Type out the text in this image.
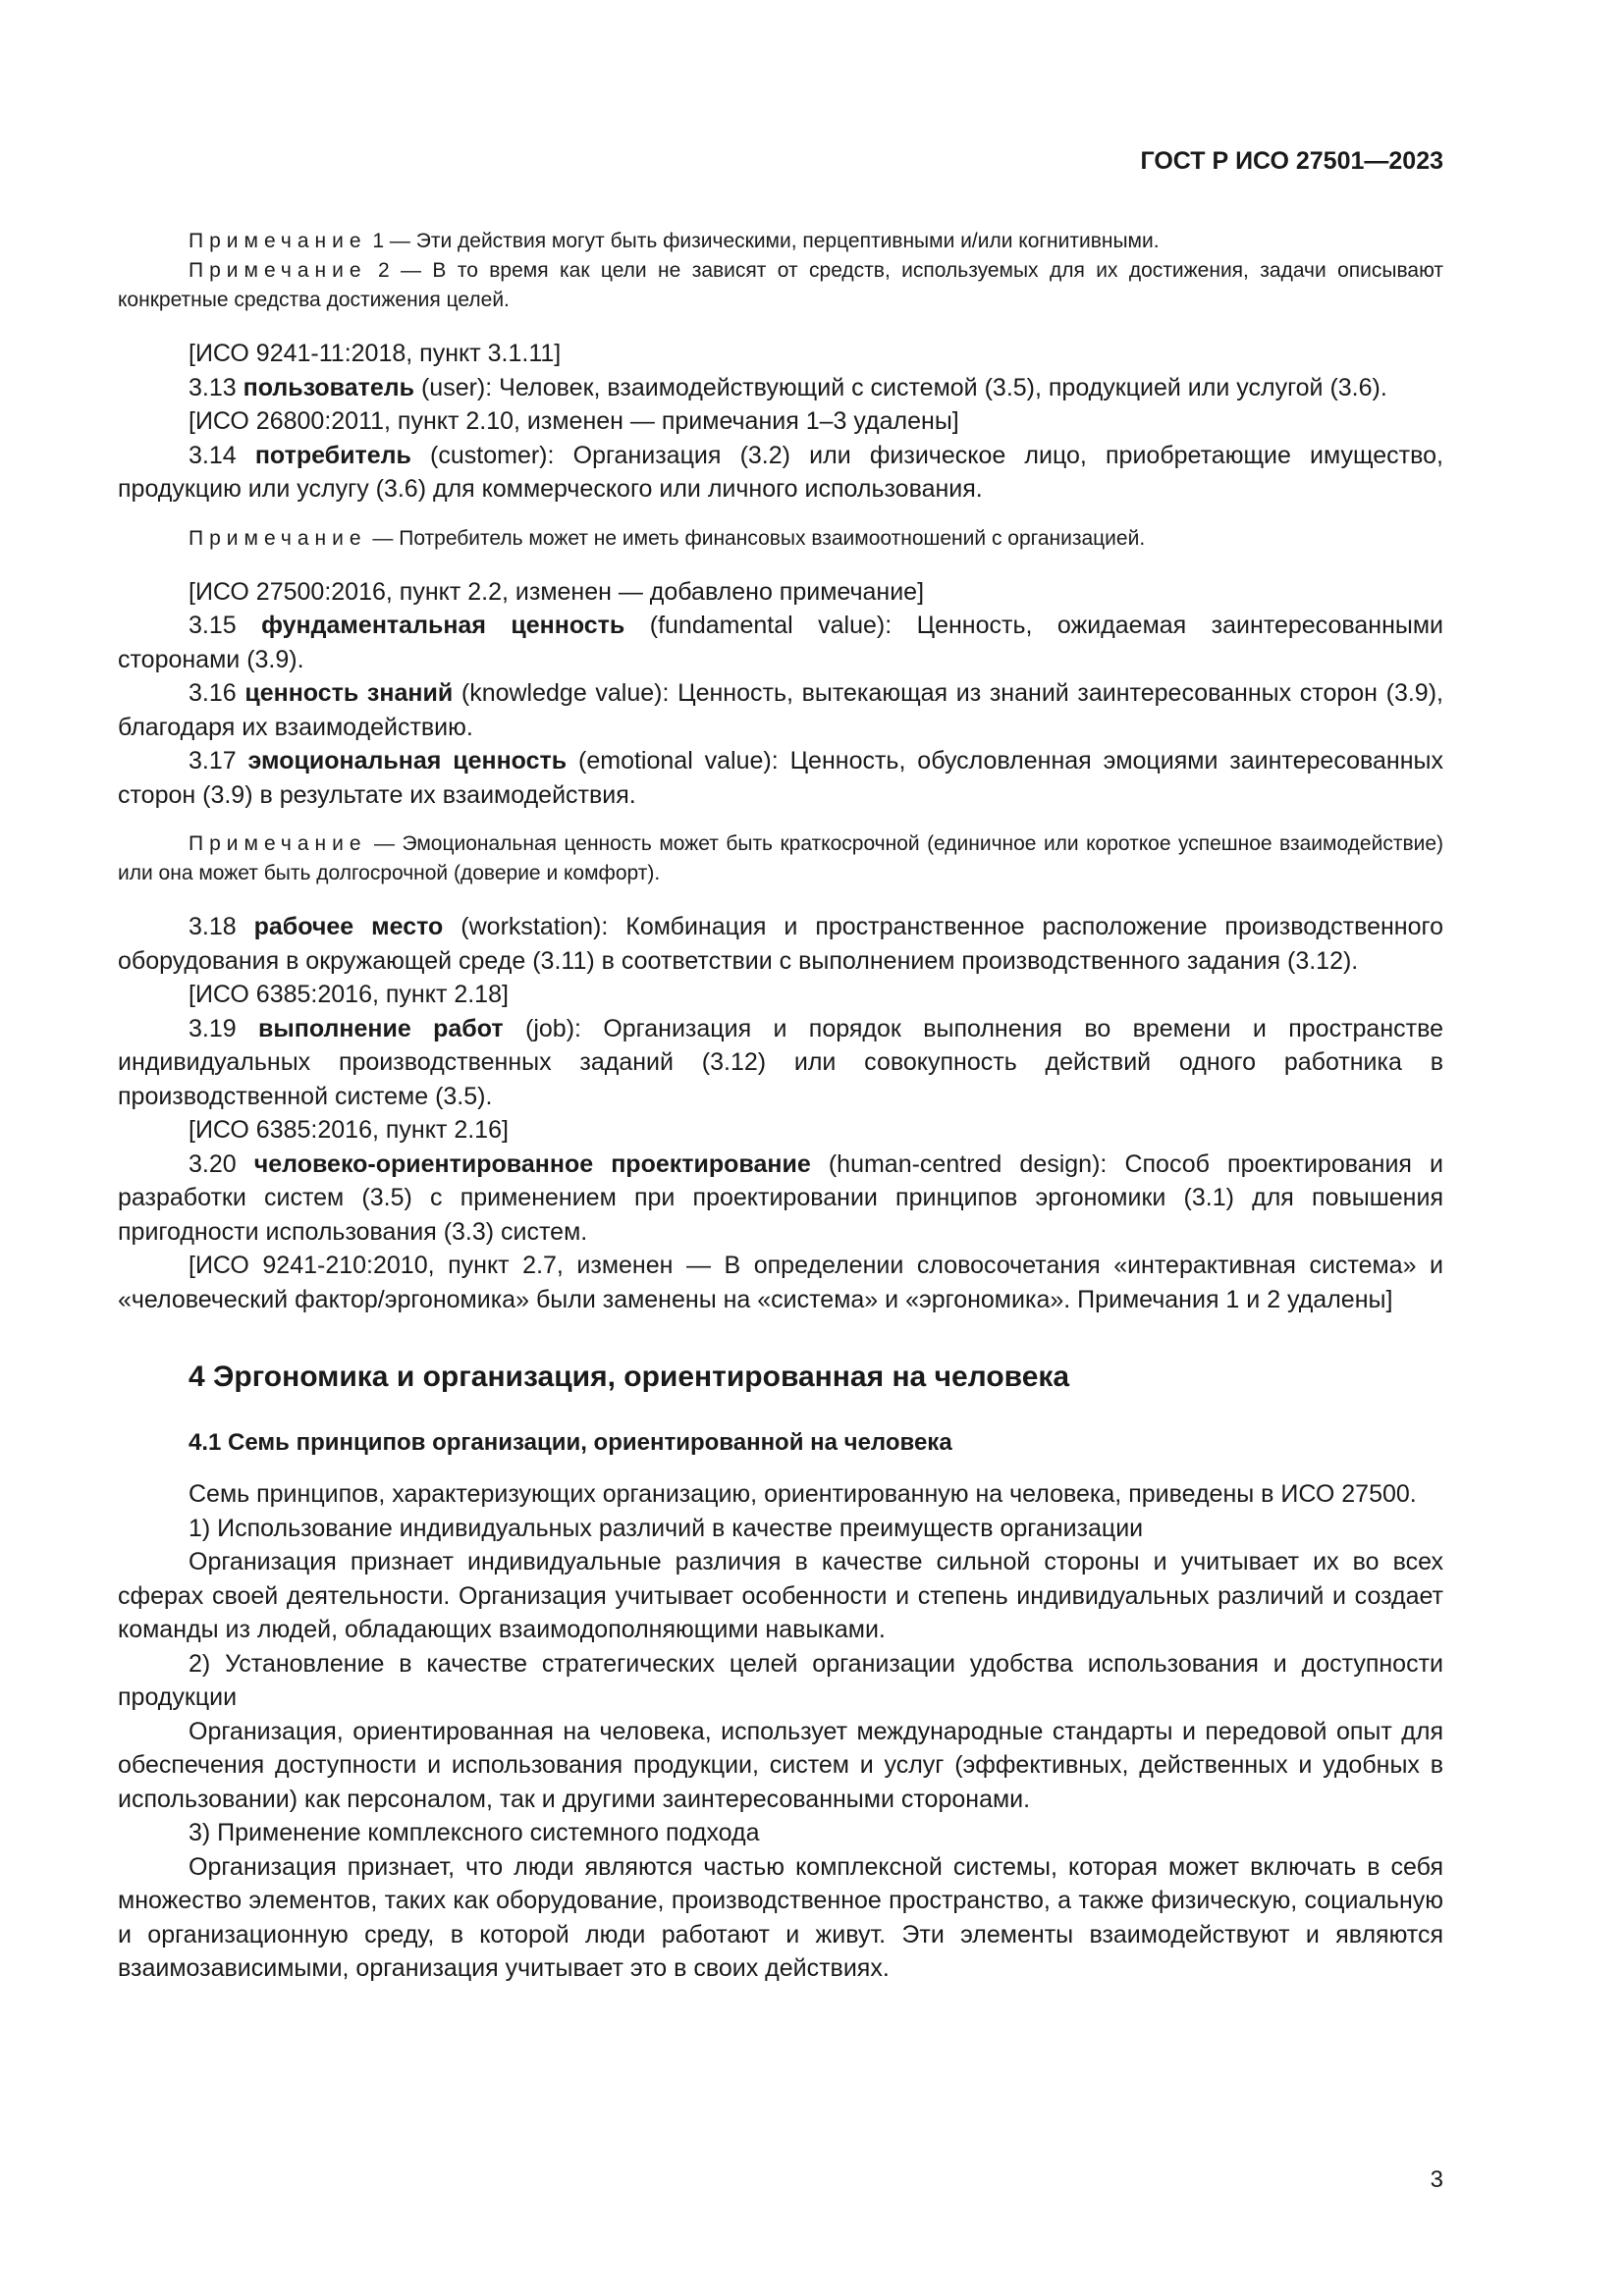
ГОСТ Р ИСО 27501—2023
Примечание 1 — Эти действия могут быть физическими, перцептивными и/или когнитивными.
Примечание 2 — В то время как цели не зависят от средств, используемых для их достижения, задачи описывают конкретные средства достижения целей.
[ИСО 9241-11:2018, пункт 3.1.11]
3.13 пользователь (user): Человек, взаимодействующий с системой (3.5), продукцией или услугой (3.6).
[ИСО 26800:2011, пункт 2.10, изменен — примечания 1–3 удалены]
3.14 потребитель (customer): Организация (3.2) или физическое лицо, приобретающие имущество, продукцию или услугу (3.6) для коммерческого или личного использования.
Примечание — Потребитель может не иметь финансовых взаимоотношений с организацией.
[ИСО 27500:2016, пункт 2.2, изменен — добавлено примечание]
3.15 фундаментальная ценность (fundamental value): Ценность, ожидаемая заинтересованными сторонами (3.9).
3.16 ценность знаний (knowledge value): Ценность, вытекающая из знаний заинтересованных сторон (3.9), благодаря их взаимодействию.
3.17 эмоциональная ценность (emotional value): Ценность, обусловленная эмоциями заинтересованных сторон (3.9) в результате их взаимодействия.
Примечание — Эмоциональная ценность может быть краткосрочной (единичное или короткое успешное взаимодействие) или она может быть долгосрочной (доверие и комфорт).
3.18 рабочее место (workstation): Комбинация и пространственное расположение производственного оборудования в окружающей среде (3.11) в соответствии с выполнением производственного задания (3.12).
[ИСО 6385:2016, пункт 2.18]
3.19 выполнение работ (job): Организация и порядок выполнения во времени и пространстве индивидуальных производственных заданий (3.12) или совокупность действий одного работника в производственной системе (3.5).
[ИСО 6385:2016, пункт 2.16]
3.20 человеко-ориентированное проектирование (human-centred design): Способ проектирования и разработки систем (3.5) с применением при проектировании принципов эргономики (3.1) для повышения пригодности использования (3.3) систем.
[ИСО 9241-210:2010, пункт 2.7, изменен — В определении словосочетания «интерактивная система» и «человеческий фактор/эргономика» были заменены на «система» и «эргономика». Примечания 1 и 2 удалены]
4 Эргономика и организация, ориентированная на человека
4.1 Семь принципов организации, ориентированной на человека
Семь принципов, характеризующих организацию, ориентированную на человека, приведены в ИСО 27500.
1) Использование индивидуальных различий в качестве преимуществ организации
Организация признает индивидуальные различия в качестве сильной стороны и учитывает их во всех сферах своей деятельности. Организация учитывает особенности и степень индивидуальных различий и создает команды из людей, обладающих взаимодополняющими навыками.
2) Установление в качестве стратегических целей организации удобства использования и доступности продукции
Организация, ориентированная на человека, использует международные стандарты и передовой опыт для обеспечения доступности и использования продукции, систем и услуг (эффективных, действенных и удобных в использовании) как персоналом, так и другими заинтересованными сторонами.
3) Применение комплексного системного подхода
Организация признает, что люди являются частью комплексной системы, которая может включать в себя множество элементов, таких как оборудование, производственное пространство, а также физическую, социальную и организационную среду, в которой люди работают и живут. Эти элементы взаимодействуют и являются взаимозависимыми, организация учитывает это в своих действиях.
3
